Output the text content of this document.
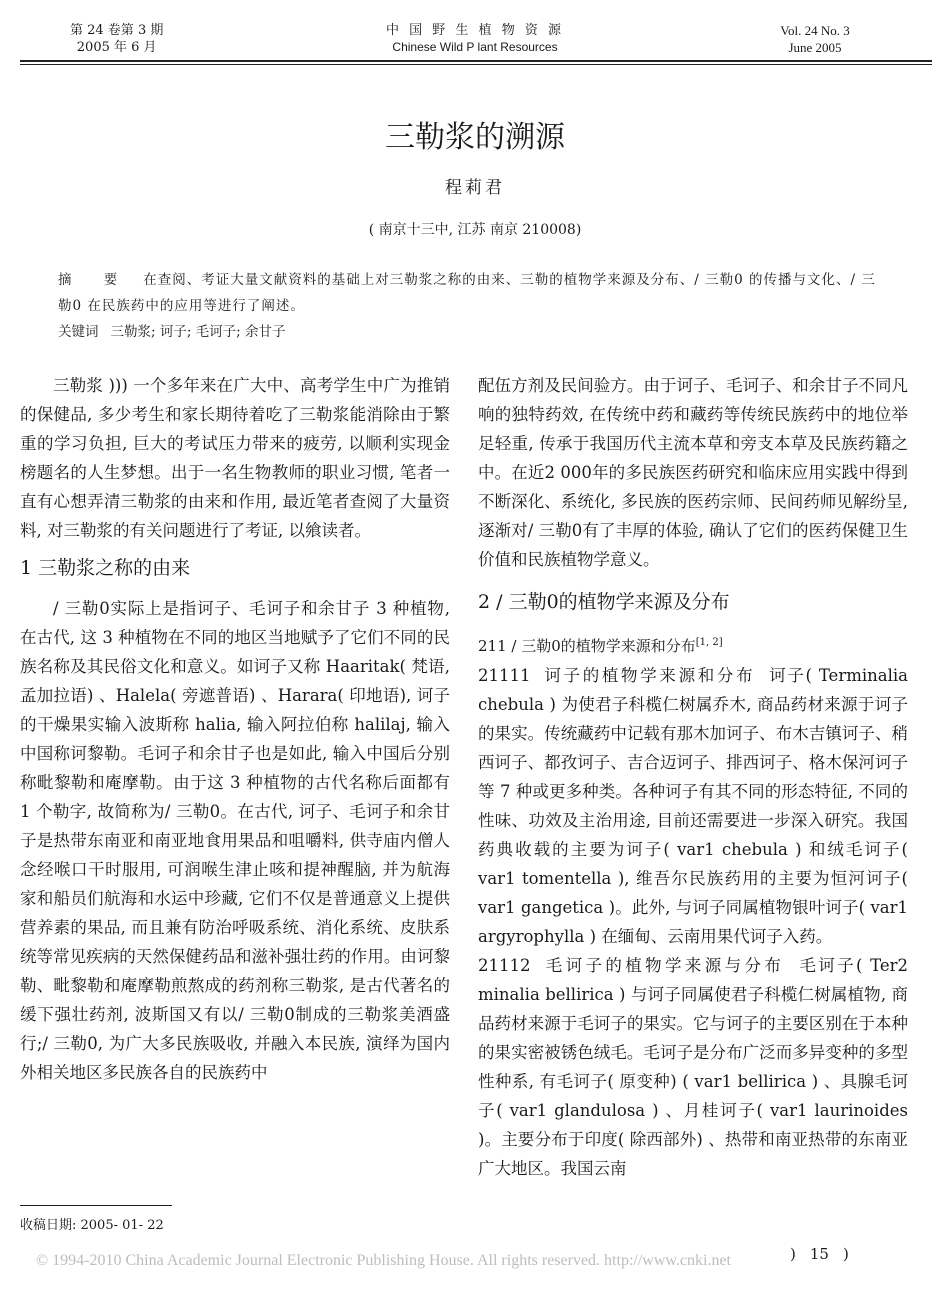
第 24 卷第 3 期
2005 年 6 月
中 国 野 生 植 物 资 源
Chinese Wild P lant Resources
Vol. 24 No. 3
June 2005
三勒浆的溯源
程莉君
( 南京十三中, 江苏 南京 210008)
摘 要 在查阅、考证大量文献资料的基础上对三勒浆之称的由来、三勒的植物学来源及分布、/ 三勒0 的传播与文化、/ 三勒0 在民族药中的应用等进行了阐述。
关键词 三勒浆; 诃子; 毛诃子; 余甘子

三勒浆 ))) 一个多年来在广大中、高考学生中广为推销的保健品, 多少考生和家长期待着吃了三勒浆能消除由于繁重的学习负担, 巨大的考试压力带来的疲劳, 以顺利实现金榜题名的人生梦想。出于一名生物教师的职业习惯, 笔者一直有心想弄清三勒浆的由来和作用, 最近笔者查阅了大量资料, 对三勒浆的有关问题进行了考证, 以飨读者。

1 三勒浆之称的由来

/ 三勒0实际上是指诃子、毛诃子和余甘子 3 种植物, 在古代, 这 3 种植物在不同的地区当地赋予了它们不同的民族名称及其民俗文化和意义。如诃子又称 Haaritak( 梵语, 孟加拉语) 、Halela( 旁遮普语) 、Harara( 印地语), 诃子的干燥果实输入波斯称 halia, 输入阿拉伯称 halilaj, 输入中国称诃黎勒。毛诃子和余甘子也是如此, 输入中国后分别称毗黎勒和庵摩勒。由于这 3 种植物的古代名称后面都有 1 个勒字, 故简称为/ 三勒0。在古代, 诃子、毛诃子和余甘子是热带东南亚和南亚地食用果品和咀嚼料, 供寺庙内僧人念经喉口干时服用, 可润喉生津止咳和提神醒脑, 并为航海家和船员们航海和水运中珍藏, 它们不仅是普通意义上提供营养素的果品, 而且兼有防治呼吸系统、消化系统、皮肤系统等常见疾病的天然保健药品和滋补强壮药的作用。由诃黎勒、毗黎勒和庵摩勒煎熬成的药剂称三勒浆, 是古代著名的缓下强壮药剂, 波斯国又有以/ 三勒0制成的三勒浆美酒盛行;/ 三勒0, 为广大多民族吸收, 并融入本民族, 演绎为国内外相关地区多民族各自的民族药中

配伍方剂及民间验方。由于诃子、毛诃子、和余甘子不同凡响的独特药效, 在传统中药和藏药等传统民族药中的地位举足轻重, 传承于我国历代主流本草和旁支本草及民族药籍之中。在近2 000年的多民族医药研究和临床应用实践中得到不断深化、系统化, 多民族的医药宗师、民间药师见解纷呈, 逐渐对/ 三勒0有了丰厚的体验, 确认了它们的医药保健卫生价值和民族植物学意义。

2 / 三勒0的植物学来源及分布
211 / 三勒0的植物学来源和分布[1, 2]

21111 诃子的植物学来源和分布 诃子( Terminalia chebula ) 为使君子科榄仁树属乔木, 商品药材来源于诃子的果实。传统藏药中记载有那木加诃子、布木吉镇诃子、稍西诃子、都孜诃子、吉合迈诃子、排西诃子、格木保河诃子等 7 种或更多种类。各种诃子有其不同的形态特征, 不同的性味、功效及主治用途, 目前还需要进一步深入研究。我国药典收载的主要为诃子( var1 chebula ) 和绒毛诃子( var1 tomentella ), 维吾尔民族药用的主要为恒河诃子( var1 gangetica )。此外, 与诃子同属植物银叶诃子( var1 argyrophylla ) 在缅甸、云南用果代诃子入药。

21112 毛诃子的植物学来源与分布 毛诃子( Ter2 minalia bellirica ) 与诃子同属使君子科榄仁树属植物, 商品药材来源于毛诃子的果实。它与诃子的主要区别在于本种的果实密被锈色绒毛。毛诃子是分布广泛而多异变种的多型性种系, 有毛诃子( 原变种) ( var1 bellirica ) 、具腺毛诃子( var1 glandulosa ) 、月桂诃子( var1 laurinoides )。主要分布于印度( 除西部外) 、热带和南亚热带的东南亚广大地区。我国云南

收稿日期: 2005- 01- 22
© 1994-2010 China Academic Journal Electronic Publishing House. All rights reserved. http://www.cnki.net	) 15 )
